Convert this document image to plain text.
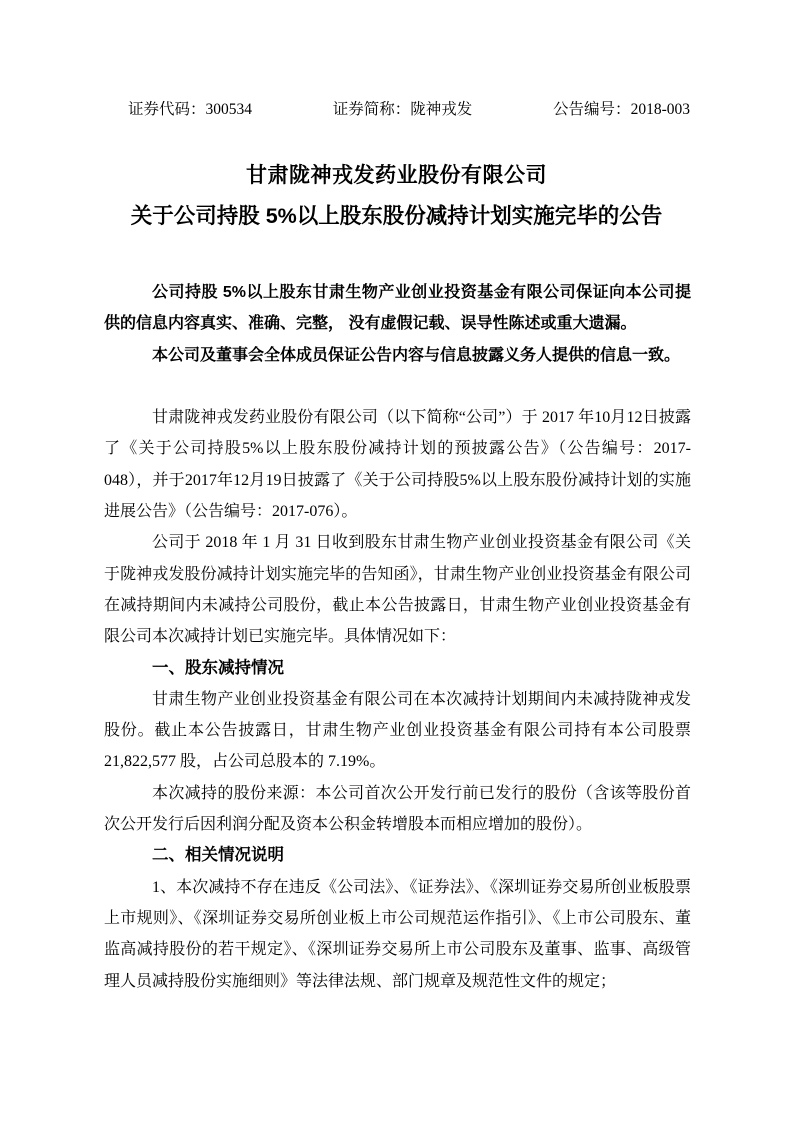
证券代码：300534	证券简称：陇神戎发	公告编号：2018-003
甘肃陇神戎发药业股份有限公司
关于公司持股 5%以上股东股份减持计划实施完毕的公告

公司持股 5%以上股东甘肃生物产业创业投资基金有限公司保证向本公司提供的信息内容真实、准确、完整， 没有虚假记载、误导性陈述或重大遗漏。

本公司及董事会全体成员保证公告内容与信息披露义务人提供的信息一致。

甘肃陇神戎发药业股份有限公司（以下简称“公司”）于 2017 年10月12日披露了《关于公司持股5%以上股东股份减持计划的预披露公告》（公告编号：2017-048），并于2017年12月19日披露了《关于公司持股5%以上股东股份减持计划的实施进展公告》（公告编号：2017-076）。

公司于 2018 年 1 月 31 日收到股东甘肃生物产业创业投资基金有限公司《关于陇神戎发股份减持计划实施完毕的告知函》，甘肃生物产业创业投资基金有限公司在减持期间内未减持公司股份，截止本公告披露日，甘肃生物产业创业投资基金有限公司本次减持计划已实施完毕。具体情况如下：

一、股东减持情况

甘肃生物产业创业投资基金有限公司在本次减持计划期间内未减持陇神戎发股份。截止本公告披露日，甘肃生物产业创业投资基金有限公司持有本公司股票 21,822,577 股，占公司总股本的 7.19%。

本次减持的股份来源：本公司首次公开发行前已发行的股份（含该等股份首次公开发行后因利润分配及资本公积金转增股本而相应增加的股份）。

二、相关情况说明

1、本次减持不存在违反《公司法》、《证券法》、《深圳证券交易所创业板股票上市规则》、《深圳证券交易所创业板上市公司规范运作指引》、《上市公司股东、董监高减持股份的若干规定》、《深圳证券交易所上市公司股东及董事、监事、高级管理人员减持股份实施细则》等法律法规、部门规章及规范性文件的规定；
